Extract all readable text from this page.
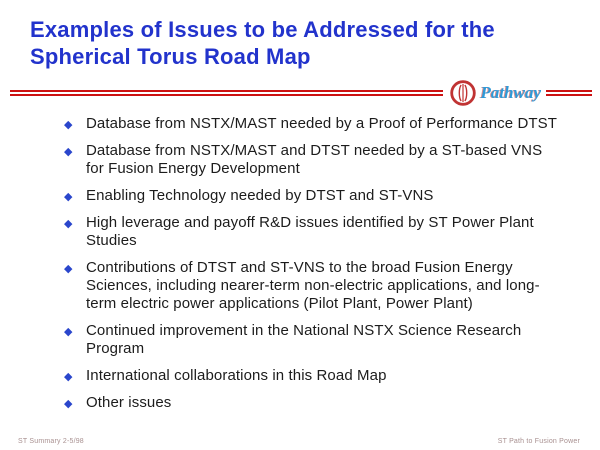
Examples of Issues to be Addressed for the
Spherical Torus Road Map
Pathway
◆ Database from NSTX/MAST needed by a Proof of Performance DTST
◆ Database from NSTX/MAST and DTST needed by a ST-based VNS for Fusion Energy Development
◆ Enabling Technology needed by DTST and ST-VNS
◆ High leverage and payoff R&D issues identified by ST Power Plant Studies
◆ Contributions of DTST and ST-VNS to the broad Fusion Energy Sciences, including nearer-term non-electric applications, and long-term electric power applications (Pilot Plant, Power Plant)
◆ Continued improvement in the National NSTX Science Research Program
◆ International collaborations in this Road Map
◆ Other issues
ST Summary 2-5/98	ST Path to Fusion Power
